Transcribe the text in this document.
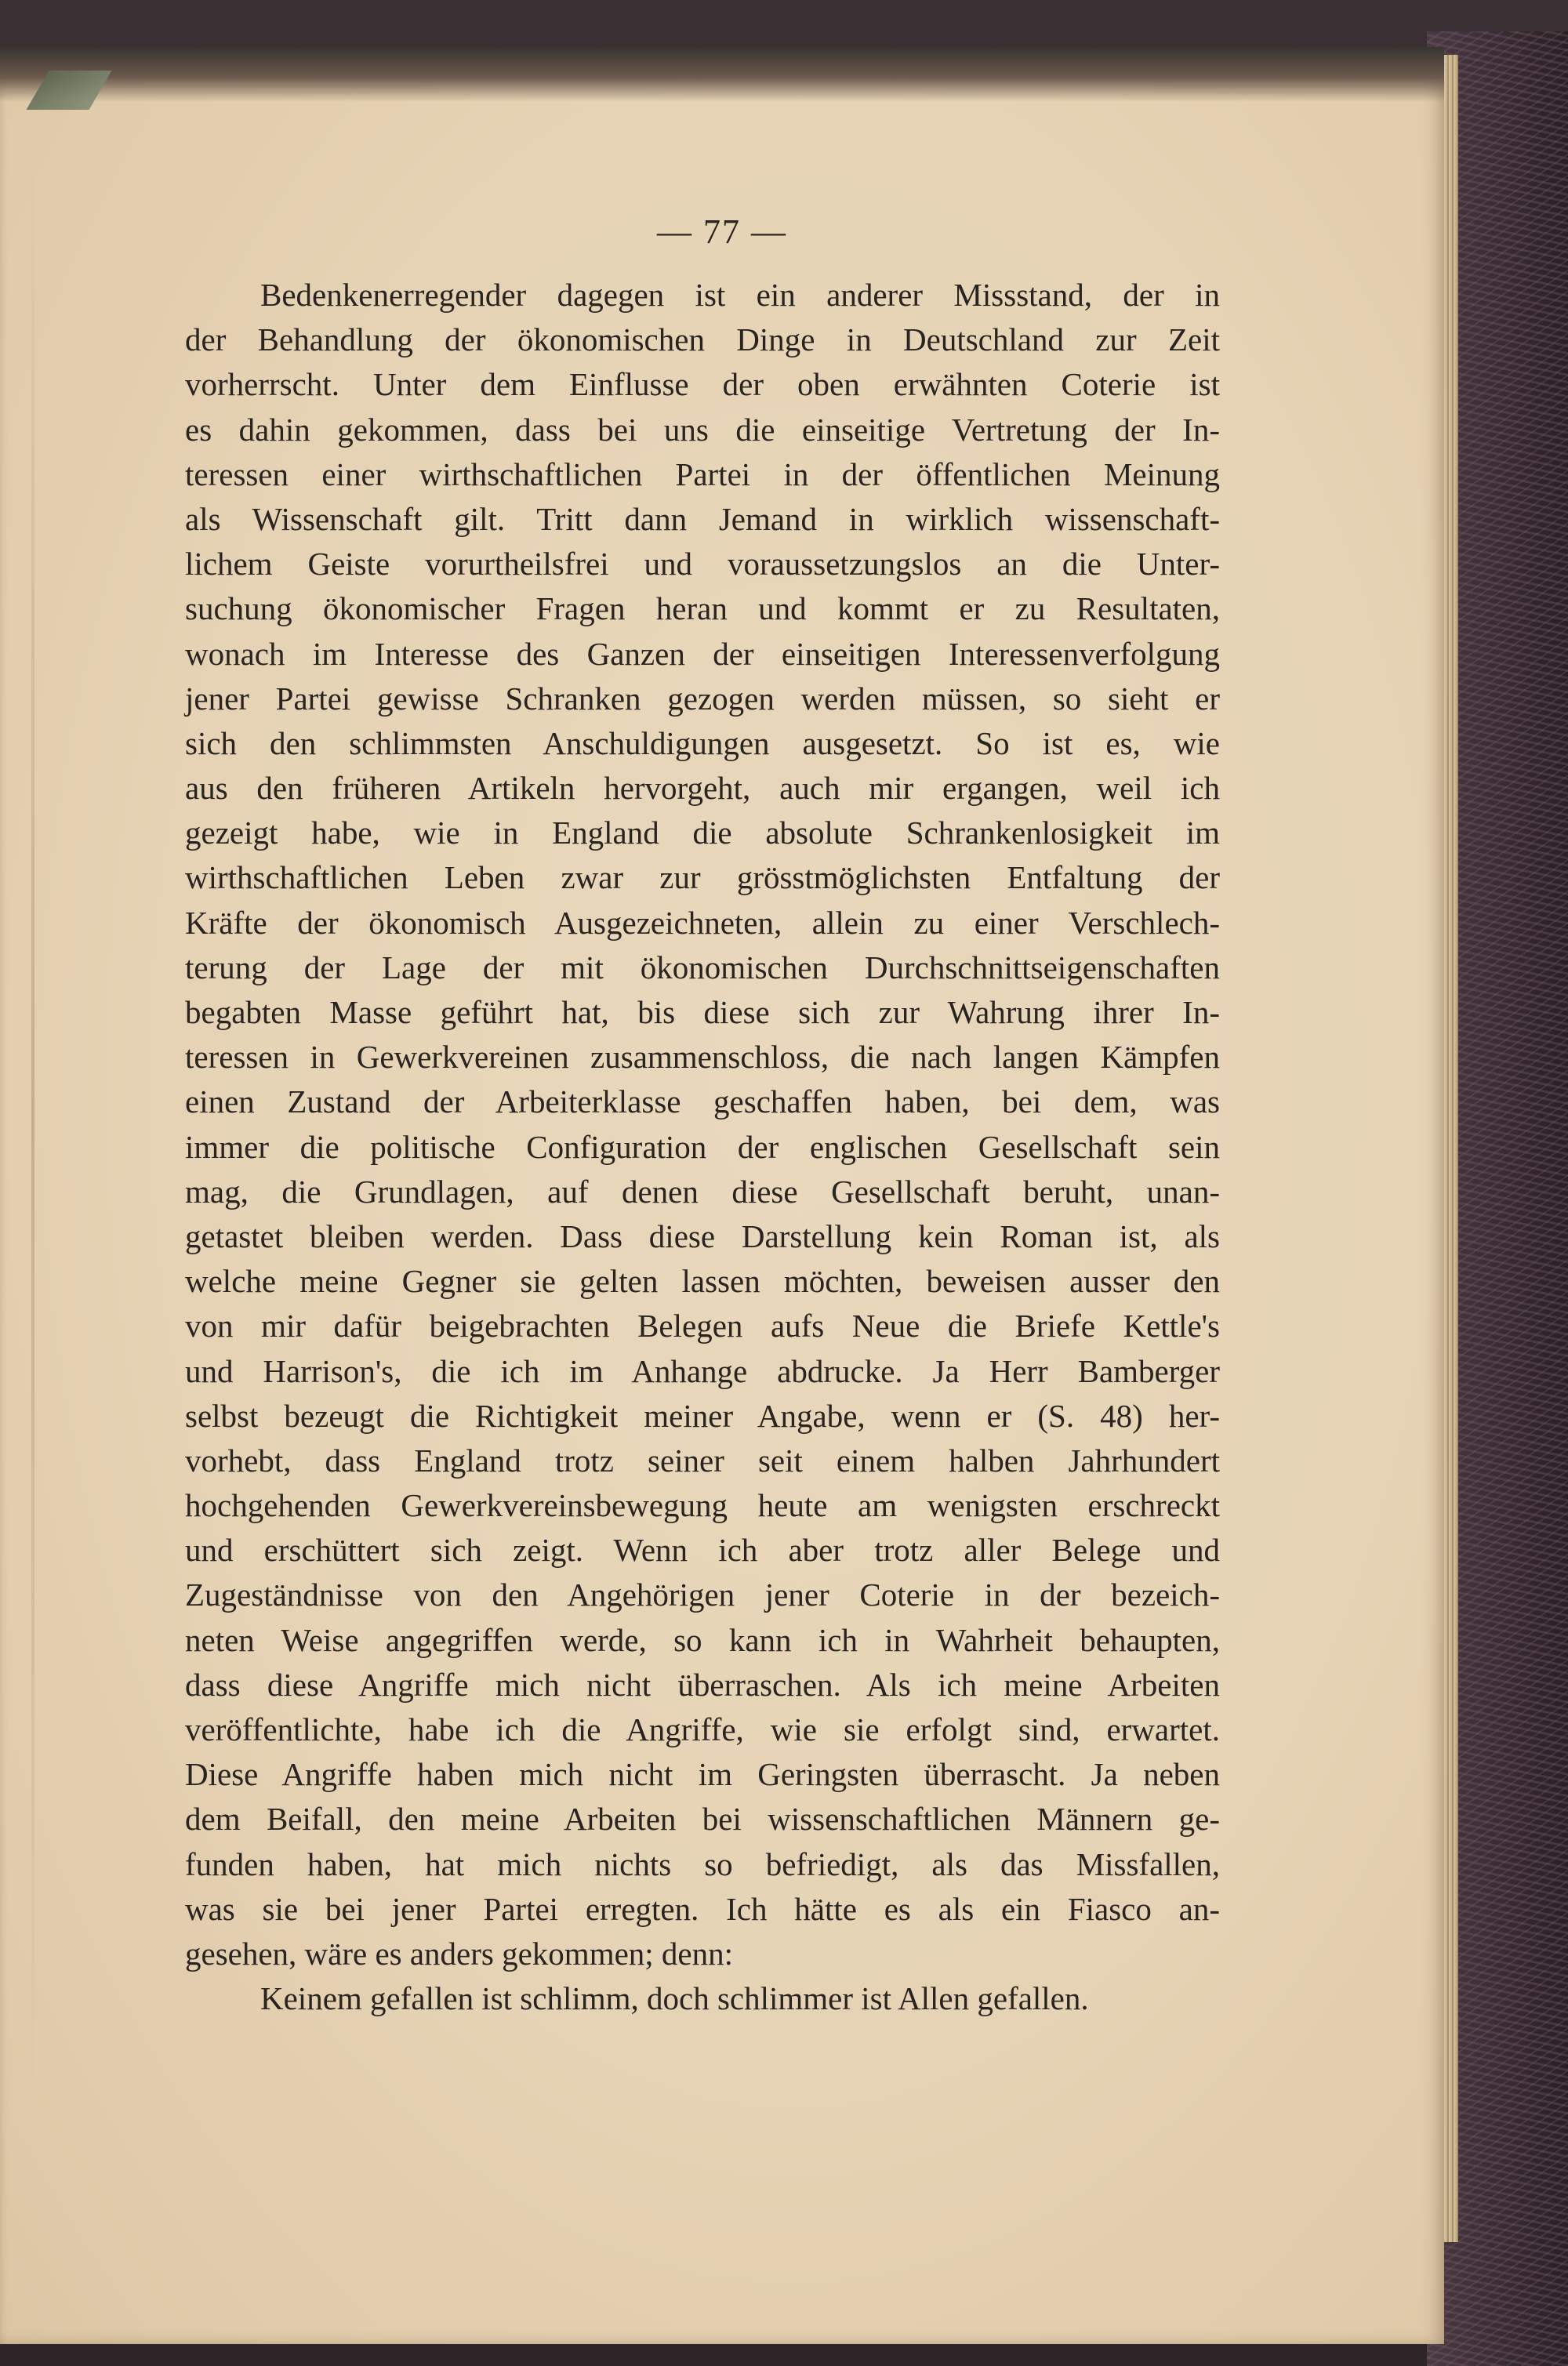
— 77 —
Bedenkenerregender dagegen ist ein anderer Missstand, der in
der Behandlung der ökonomischen Dinge in Deutschland zur Zeit
vorherrscht. Unter dem Einflusse der oben erwähnten Coterie ist
es dahin gekommen, dass bei uns die einseitige Vertretung der In-
teressen einer wirthschaftlichen Partei in der öffentlichen Meinung
als Wissenschaft gilt. Tritt dann Jemand in wirklich wissenschaft-
lichem Geiste vorurtheilsfrei und voraussetzungslos an die Unter-
suchung ökonomischer Fragen heran und kommt er zu Resultaten,
wonach im Interesse des Ganzen der einseitigen Interessenverfolgung
jener Partei gewisse Schranken gezogen werden müssen, so sieht er
sich den schlimmsten Anschuldigungen ausgesetzt. So ist es, wie
aus den früheren Artikeln hervorgeht, auch mir ergangen, weil ich
gezeigt habe, wie in England die absolute Schrankenlosigkeit im
wirthschaftlichen Leben zwar zur grösstmöglichsten Entfaltung der
Kräfte der ökonomisch Ausgezeichneten, allein zu einer Verschlech-
terung der Lage der mit ökonomischen Durchschnittseigenschaften
begabten Masse geführt hat, bis diese sich zur Wahrung ihrer In-
teressen in Gewerkvereinen zusammenschloss, die nach langen Kämpfen
einen Zustand der Arbeiterklasse geschaffen haben, bei dem, was
immer die politische Configuration der englischen Gesellschaft sein
mag, die Grundlagen, auf denen diese Gesellschaft beruht, unan-
getastet bleiben werden. Dass diese Darstellung kein Roman ist, als
welche meine Gegner sie gelten lassen möchten, beweisen ausser den
von mir dafür beigebrachten Belegen aufs Neue die Briefe Kettle's
und Harrison's, die ich im Anhange abdrucke. Ja Herr Bamberger
selbst bezeugt die Richtigkeit meiner Angabe, wenn er (S. 48) her-
vorhebt, dass England trotz seiner seit einem halben Jahrhundert
hochgehenden Gewerkvereinsbewegung heute am wenigsten erschreckt
und erschüttert sich zeigt. Wenn ich aber trotz aller Belege und
Zugeständnisse von den Angehörigen jener Coterie in der bezeich-
neten Weise angegriffen werde, so kann ich in Wahrheit behaupten,
dass diese Angriffe mich nicht überraschen. Als ich meine Arbeiten
veröffentlichte, habe ich die Angriffe, wie sie erfolgt sind, erwartet.
Diese Angriffe haben mich nicht im Geringsten überrascht. Ja neben
dem Beifall, den meine Arbeiten bei wissenschaftlichen Männern ge-
funden haben, hat mich nichts so befriedigt, als das Missfallen,
was sie bei jener Partei erregten. Ich hätte es als ein Fiasco an-
gesehen, wäre es anders gekommen; denn:
Keinem gefallen ist schlimm, doch schlimmer ist Allen gefallen.
